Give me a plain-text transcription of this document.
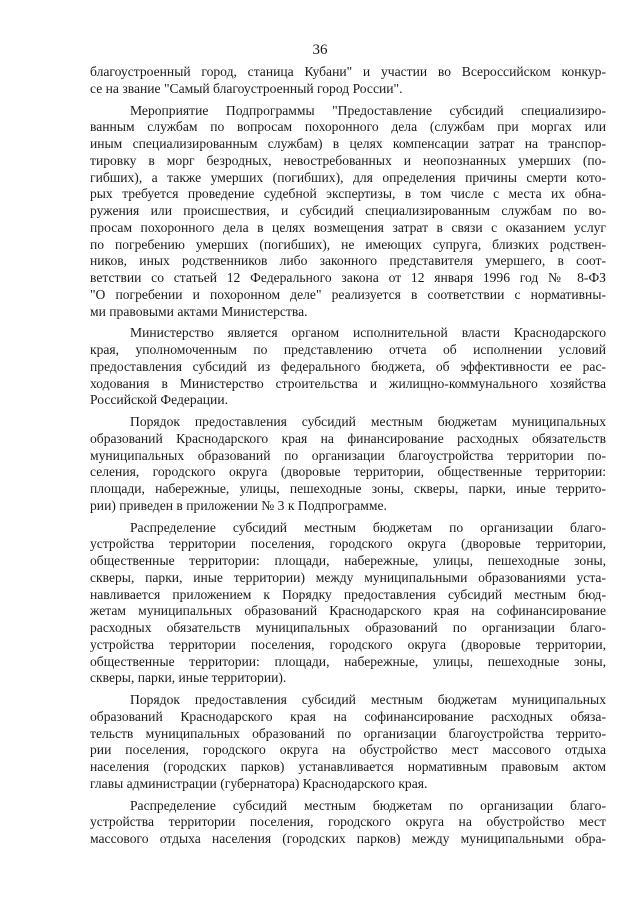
36
благоустроенный город, станица Кубани" и участии во Всероссийском конкур-
се на звание "Самый благоустроенный город России".
Мероприятие Подпрограммы "Предоставление субсидий специализиро-
ванным службам по вопросам похоронного дела (службам при моргах или
иным специализированным службам) в целях компенсации затрат на транспор-
тировку в морг безродных, невостребованных и неопознанных умерших (по-
гибших), а также умерших (погибших), для определения причины смерти кото-
рых требуется проведение судебной экспертизы, в том числе с места их обна-
ружения или происшествия, и субсидий специализированным службам по во-
просам похоронного дела в целях возмещения затрат в связи с оказанием услуг
по погребению умерших (погибших), не имеющих супруга, близких родствен-
ников, иных родственников либо законного представителя умершего, в соот-
ветствии со статьей 12 Федерального закона от 12 января 1996 год № 8-ФЗ
"О погребении и похоронном деле" реализуется в соответствии с нормативны-
ми правовыми актами Министерства.
Министерство является органом исполнительной власти Краснодарского
края, уполномоченным по представлению отчета об исполнении условий
предоставления субсидий из федерального бюджета, об эффективности ее рас-
ходования в Министерство строительства и жилищно-коммунального хозяйства
Российской Федерации.
Порядок предоставления субсидий местным бюджетам муниципальных
образований Краснодарского края на финансирование расходных обязательств
муниципальных образований по организации благоустройства территории по-
селения, городского округа (дворовые территории, общественные территории:
площади, набережные, улицы, пешеходные зоны, скверы, парки, иные террито-
рии) приведен в приложении № 3 к Подпрограмме.
Распределение субсидий местным бюджетам по организации благо-
устройства территории поселения, городского округа (дворовые территории,
общественные территории: площади, набережные, улицы, пешеходные зоны,
скверы, парки, иные территории) между муниципальными образованиями уста-
навливается приложением к Порядку предоставления субсидий местным бюд-
жетам муниципальных образований Краснодарского края на софинансирование
расходных обязательств муниципальных образований по организации благо-
устройства территории поселения, городского округа (дворовые территории,
общественные территории: площади, набережные, улицы, пешеходные зоны,
скверы, парки, иные территории).
Порядок предоставления субсидий местным бюджетам муниципальных
образований Краснодарского края на софинансирование расходных обяза-
тельств муниципальных образований по организации благоустройства террито-
рии поселения, городского округа на обустройство мест массового отдыха
населения (городских парков) устанавливается нормативным правовым актом
главы администрации (губернатора) Краснодарского края.
Распределение субсидий местным бюджетам по организации благо-
устройства территории поселения, городского округа на обустройство мест
массового отдыха населения (городских парков) между муниципальными обра-
